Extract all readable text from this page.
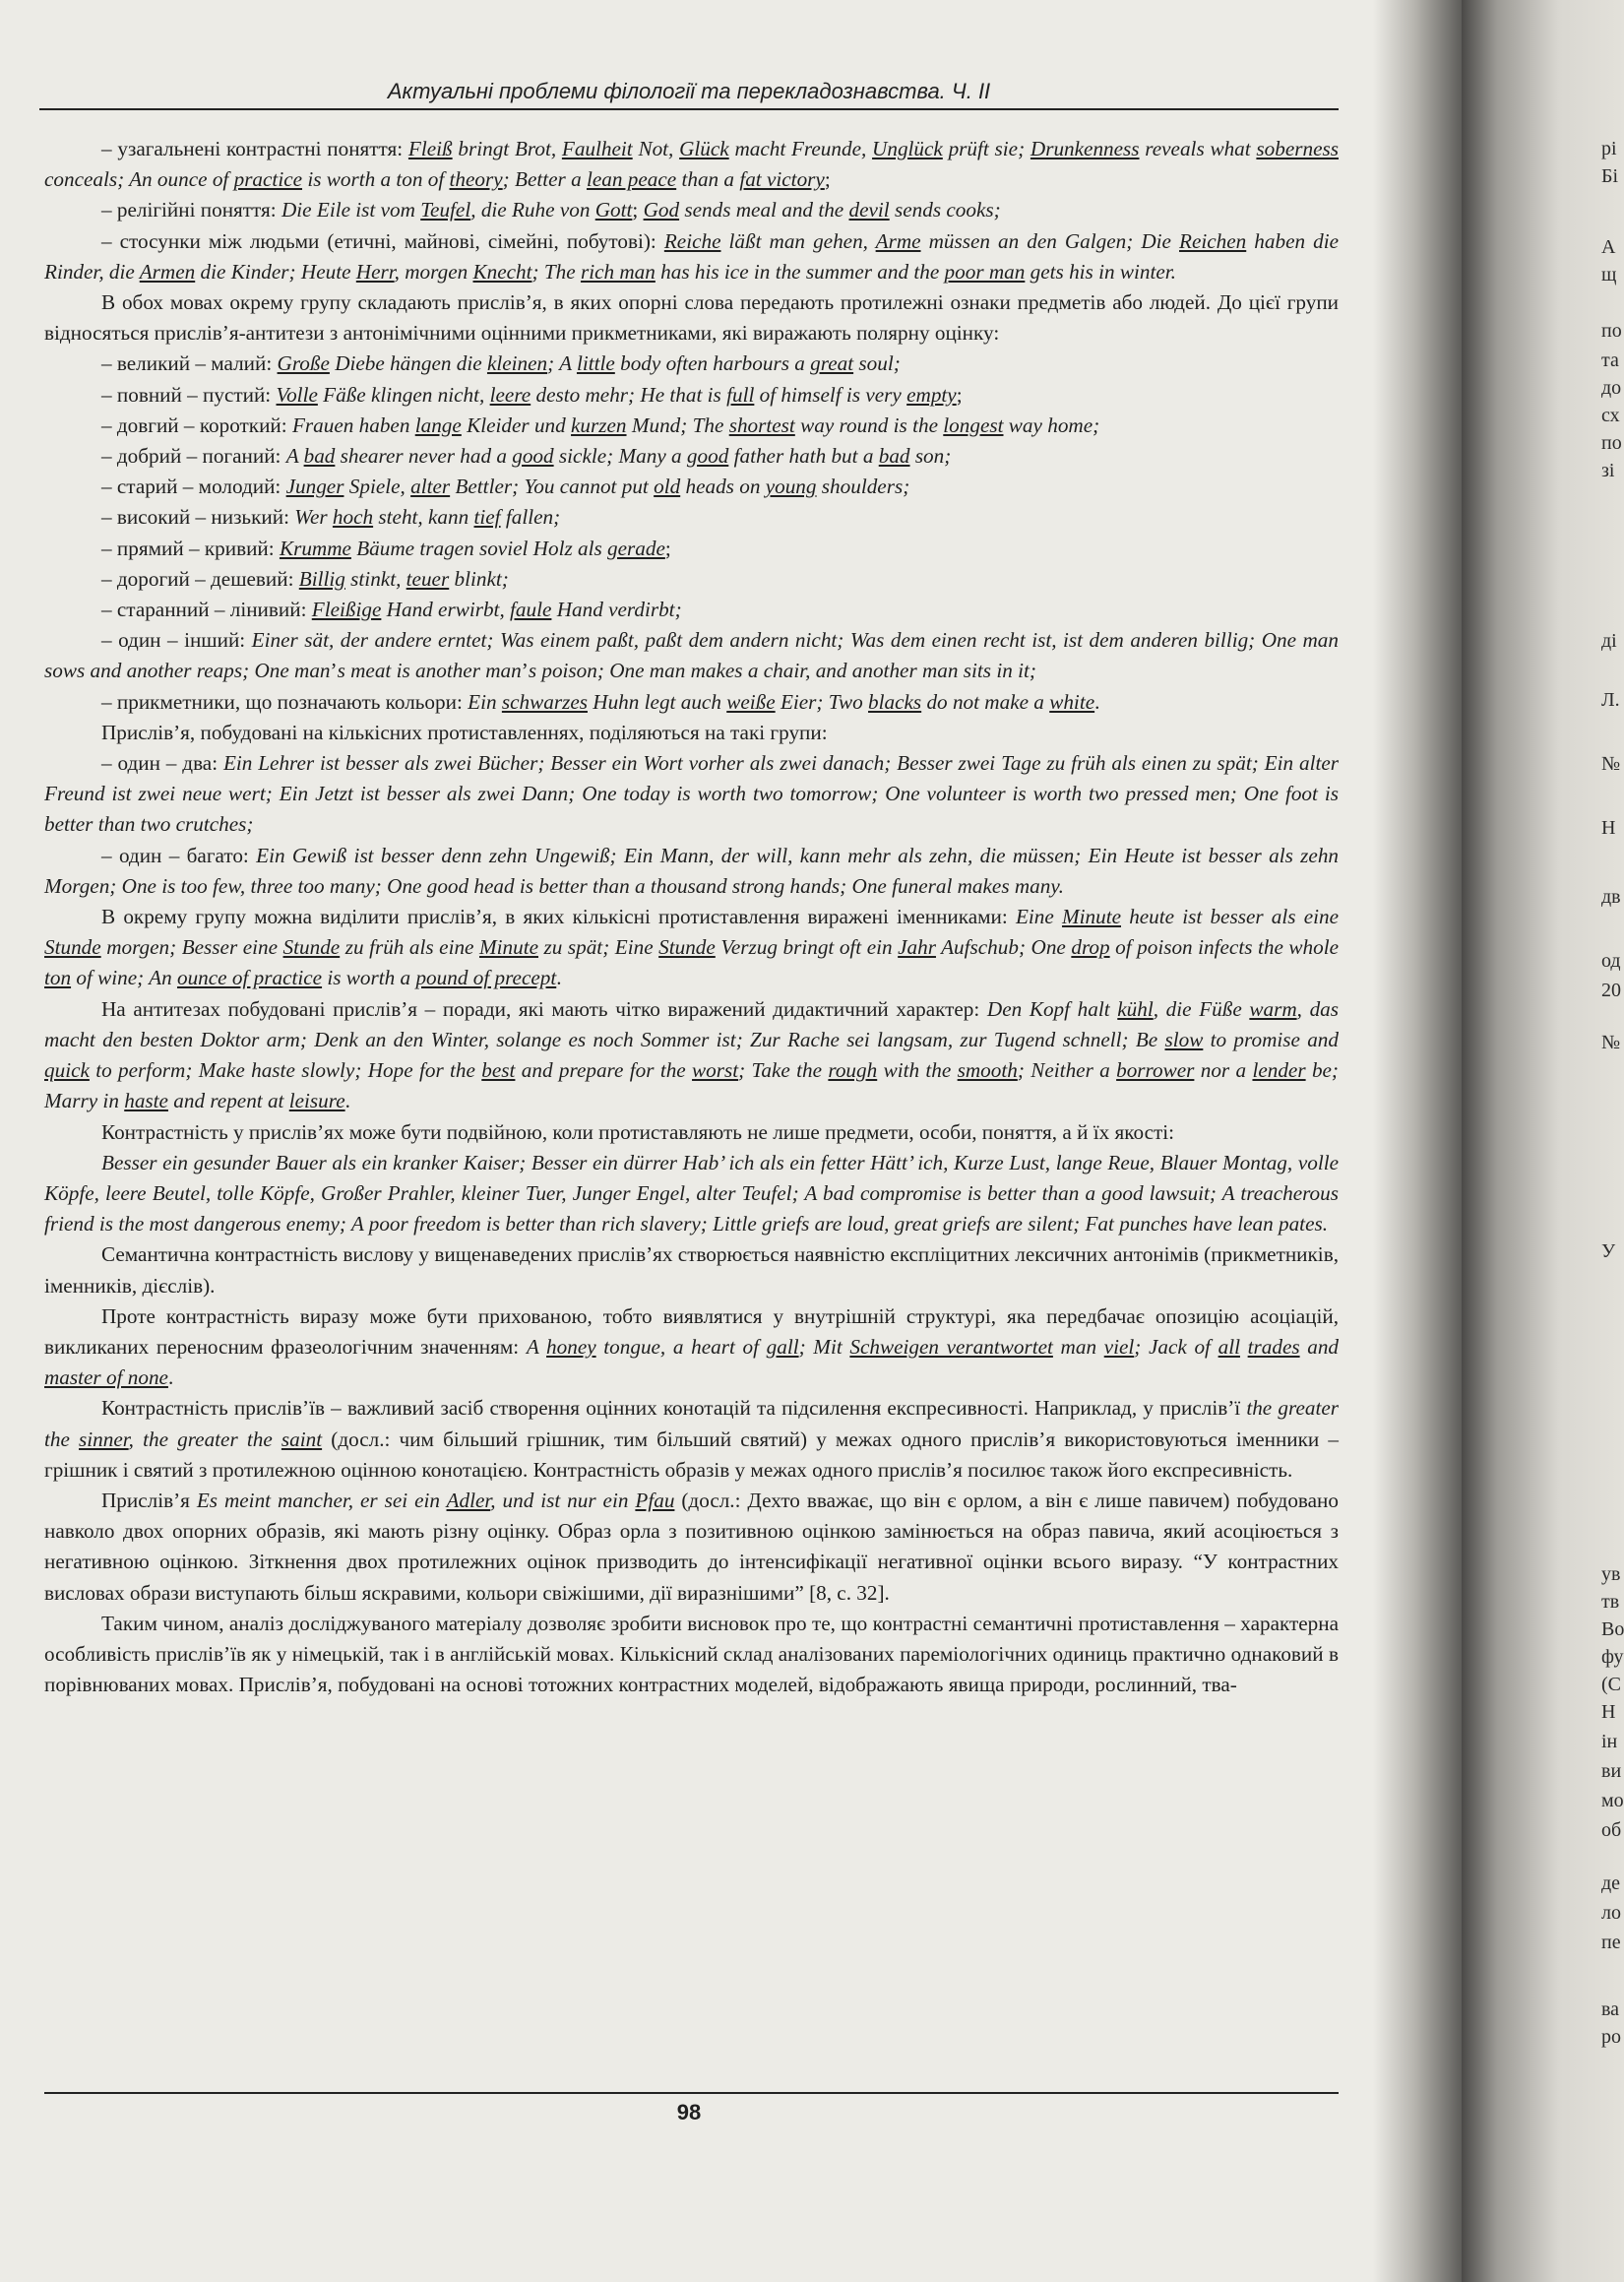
рі
Бі
А
щ
по
та
до
сх
по
зі
ді
Л.
№
Н
дв
од
20
№
У
ув
тв
Во
фу
(С
Н
ін
ви
мо
об
де
ло
пе
ва
ро
Актуальні проблеми філології та перекладознавства. Ч. ІІ

– узагальнені контрастні поняття: Fleiß bringt Brot, Faulheit Not, Glück macht Freunde, Unglück prüft sie; Drunkenness reveals what soberness conceals; An ounce of practice is worth a ton of theory; Better a lean peace than a fat victory;

– релігійні поняття: Die Eile ist vom Teufel, die Ruhe von Gott; God sends meal and the devil sends cooks;

– стосунки між людьми (етичні, майнові, сімейні, побутові): Reiche läßt man gehen, Arme müssen an den Galgen; Die Reichen haben die Rinder, die Armen die Kinder; Heute Herr, morgen Knecht; The rich man has his ice in the summer and the poor man gets his in winter.

В обох мовах окрему групу складають прислів’я, в яких опорні слова передають протилежні ознаки предметів або людей. До цієї групи відносяться прислів’я-антитези з антонімічними оцінними прикметниками, які виражають полярну оцінку:

– великий – малий: Große Diebe hängen die kleinen; A little body often harbours a great soul;

– повний – пустий: Volle Fäße klingen nicht, leere desto mehr; He that is full of himself is very empty;

– довгий – короткий: Frauen haben lange Kleider und kurzen Mund; The shortest way round is the longest way home;

– добрий – поганий: A bad shearer never had a good sickle; Many a good father hath but a bad son;

– старий – молодий: Junger Spiele, alter Bettler; You cannot put old heads on young shoulders;

– високий – низький: Wer hoch steht, kann tief fallen;

– прямий – кривий: Krumme Bäume tragen soviel Holz als gerade;

– дорогий – дешевий: Billig stinkt, teuer blinkt;

– старанний – лінивий: Fleißige Hand erwirbt, faule Hand verdirbt;

– один – інший: Einer sät, der andere erntet; Was einem paßt, paßt dem andern nicht; Was dem einen recht ist, ist dem anderen billig; One man sows and another reaps; One man’s meat is another man’s poison; One man makes a chair, and another man sits in it;

– прикметники, що позначають кольори: Ein schwarzes Huhn legt auch weiße Eier; Two blacks do not make a white.

Прислів’я, побудовані на кількісних протиставленнях, поділяються на такі групи:

– один – два: Ein Lehrer ist besser als zwei Bücher; Besser ein Wort vorher als zwei danach; Besser zwei Tage zu früh als einen zu spät; Ein alter Freund ist zwei neue wert; Ein Jetzt ist besser als zwei Dann; One today is worth two tomorrow; One volunteer is worth two pressed men; One foot is better than two crutches;

– один – багато: Ein Gewiß ist besser denn zehn Ungewiß; Ein Mann, der will, kann mehr als zehn, die müssen; Ein Heute ist besser als zehn Morgen; One is too few, three too many; One good head is better than a thousand strong hands; One funeral makes many.

В окрему групу можна виділити прислів’я, в яких кількісні протиставлення виражені іменниками: Eine Minute heute ist besser als eine Stunde morgen; Besser eine Stunde zu früh als eine Minute zu spät; Eine Stunde Verzug bringt oft ein Jahr Aufschub; One drop of poison infects the whole ton of wine; An ounce of practice is worth a pound of precept.

На антитезах побудовані прислів’я – поради, які мають чітко виражений дидактичний характер: Den Kopf halt kühl, die Füße warm, das macht den besten Doktor arm; Denk an den Winter, solange es noch Sommer ist; Zur Rache sei langsam, zur Tugend schnell; Be slow to promise and quick to perform; Make haste slowly; Hope for the best and prepare for the worst; Take the rough with the smooth; Neither a borrower nor a lender be; Marry in haste and repent at leisure.

Контрастність у прислів’ях може бути подвійною, коли протиставляють не лише предмети, особи, поняття, а й їх якості:

Besser ein gesunder Bauer als ein kranker Kaiser; Besser ein dürrer Hab’ ich als ein fetter Hätt’ ich, Kurze Lust, lange Reue, Blauer Montag, volle Köpfe, leere Beutel, tolle Köpfe, Großer Prahler, kleiner Tuer, Junger Engel, alter Teufel; A bad compromise is better than a good lawsuit; A treacherous friend is the most dangerous enemy; A poor freedom is better than rich slavery; Little griefs are loud, great griefs are silent; Fat punches have lean pates.

Семантична контрастність вислову у вищенаведених прислів’ях створюється наявністю експліцитних лексичних антонімів (прикметників, іменників, дієслів).

Проте контрастність виразу може бути прихованою, тобто виявлятися у внутрішній структурі, яка передбачає опозицію асоціацій, викликаних переносним фразеологічним значенням: A honey tongue, a heart of gall; Mit Schweigen verantwortet man viel; Jack of all trades and master of none.

Контрастність прислів’їв – важливий засіб створення оцінних конотацій та підсилення експресивності. Наприклад, у прислів’ї the greater the sinner, the greater the saint (досл.: чим більший грішник, тим більший святий) у межах одного прислів’я використовуються іменники – грішник і святий з протилежною оцінною конотацією. Контрастність образів у межах одного прислів’я посилює також його експресивність.

Прислів’я Es meint mancher, er sei ein Adler, und ist nur ein Pfau (досл.: Дехто вважає, що він є орлом, а він є лише павичем) побудовано навколо двох опорних образів, які мають різну оцінку. Образ орла з позитивною оцінкою замінюється на образ павича, який асоціюється з негативною оцінкою. Зіткнення двох протилежних оцінок призводить до інтенсифікації негативної оцінки всього виразу. “У контрастних висловах образи виступають більш яскравими, кольори свіжішими, дії виразнішими” [8, с. 32].

Таким чином, аналіз досліджуваного матеріалу дозволяє зробити висновок про те, що контрастні семантичні протиставлення – характерна особливість прислів’їв як у німецькій, так і в англійській мовах. Кількісний склад аналізованих пареміологічних одиниць практично однаковий в порівнюваних мовах. Прислів’я, побудовані на основі тотожних контрастних моделей, відображають явища природи, рослинний, тва-

98
